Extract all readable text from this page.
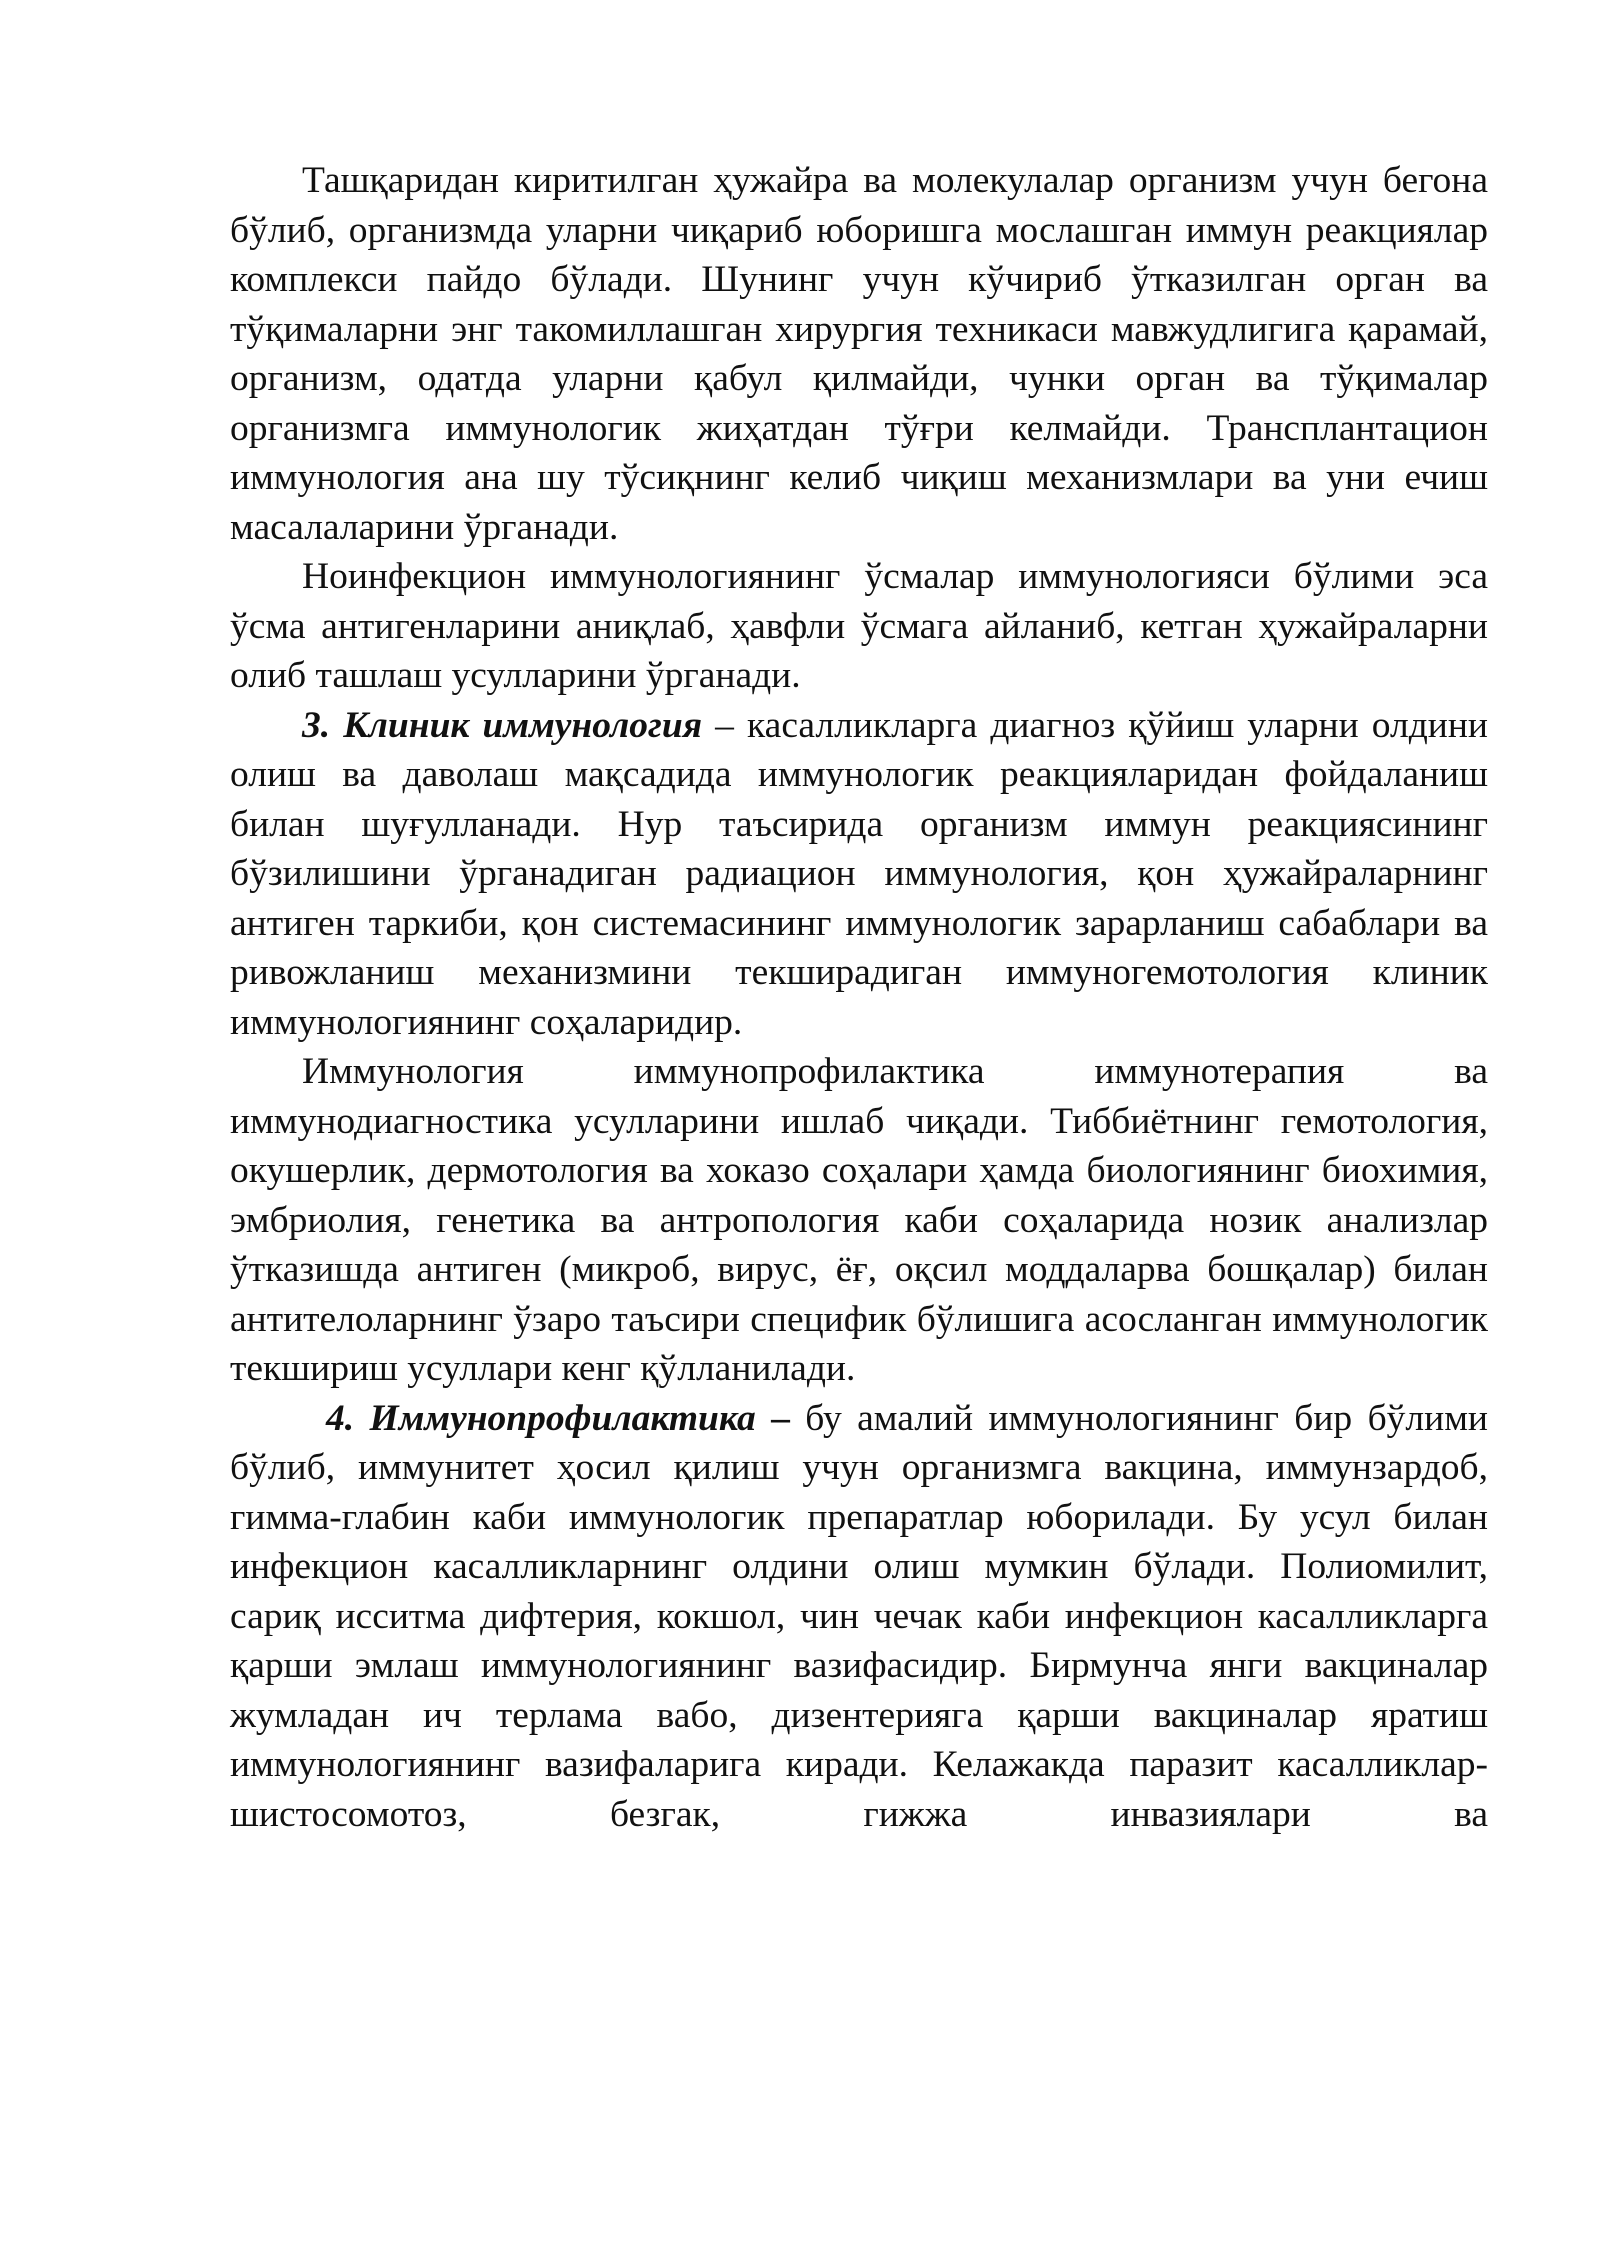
Ташқаридан киритилган ҳужайра ва молекулалар организм учун бегона бўлиб, организмда уларни чиқариб юборишга мослашган иммун реакциялар комплекси пайдо бўлади. Шунинг учун кўчириб ўтказилган орган ва тўқималарни энг такомиллашган хирургия техникаси мавжудлигига қарамай, организм, одатда уларни қабул қилмайди, чунки орган ва тўқималар организмга иммунологик жиҳатдан тўғри келмайди. Трансплантацион иммунология ана шу тўсиқнинг келиб чиқиш механизмлари ва уни ечиш масалаларини ўрганади.

Ноинфекцион иммунологиянинг ўсмалар иммунологияси бўлими эса ўсма антигенларини аниқлаб, ҳавфли ўсмага айланиб, кетган ҳужайраларни олиб ташлаш усулларини ўрганади.

3. Клиник иммунология – касалликларга диагноз қўйиш уларни олдини олиш ва даволаш мақсадида иммунологик реакцияларидан фойдаланиш билан шуғулланади. Нур таъсирида организм иммун реакциясининг бўзилишини ўрганадиган радиацион иммунология, қон ҳужайраларнинг антиген таркиби, қон системасининг иммунологик зарарланиш сабаблари ва ривожланиш механизмини текширадиган иммуногемотология клиник иммунологиянинг соҳаларидир.

Иммунология иммунопрофилактика иммунотерапия ва иммунодиагностика усулларини ишлаб чиқади. Тиббиётнинг гемотология, окушерлик, дермотология ва хоказо соҳалари ҳамда биологиянинг биохимия, эмбриолия, генетика ва антропология каби соҳаларида нозик анализлар ўтказишда антиген (микроб, вирус, ёғ, оқсил моддаларва бошқалар) билан антителоларнинг ўзаро таъсири специфик бўлишига асосланган иммунологик текшириш усуллари кенг қўлланилади.

4. Иммунопрофилактика – бу амалий иммунологиянинг бир бўлими бўлиб, иммунитет ҳосил қилиш учун организмга вакцина, иммунзардоб, гимма-глабин каби иммунологик препаратлар юборилади. Бу усул билан инфекцион касалликларнинг олдини олиш мумкин бўлади. Полиомилит, сариқ исситма дифтерия, кокшол, чин чечак каби инфекцион касалликларга қарши эмлаш иммунологиянинг вазифасидир. Бирмунча янги вакциналар жумладан ич терлама вабо, дизентерияга қарши вакциналар яратиш иммунологиянинг вазифаларига киради. Келажакда паразит касалликлар-шистосомотоз, безгак, гижжа инвазиялари ва
